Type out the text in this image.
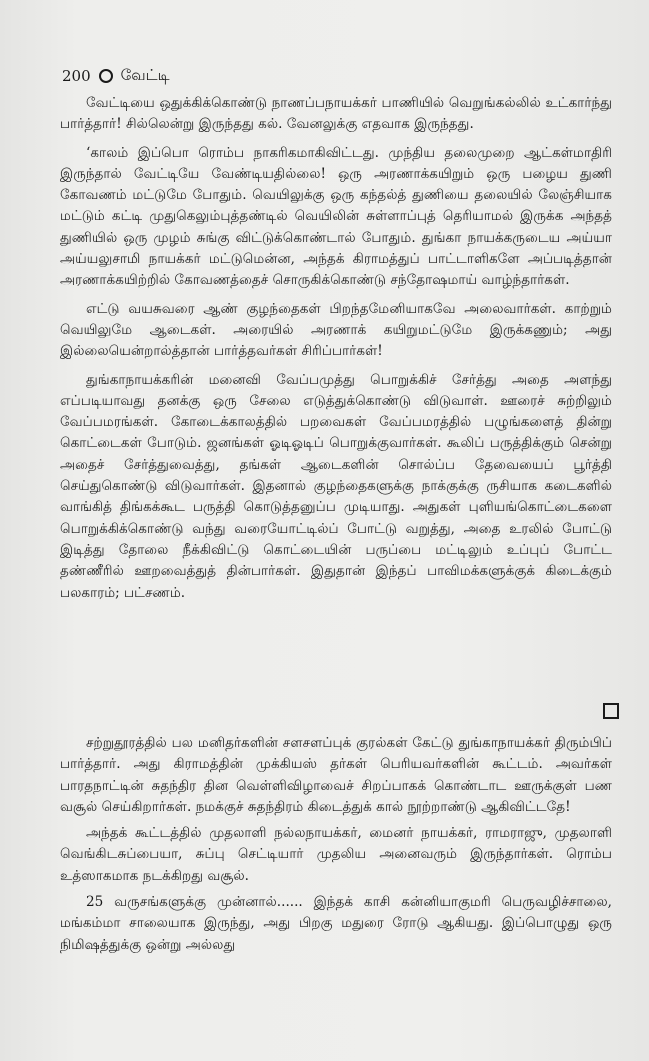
200 வேட்டி

வேட்டியை ஒதுக்கிக்கொண்டு நாணப்பநாயக்கர் பாணியில் வெறுங்கல்லில் உட்கார்ந்து பார்த்தார்! சில்லென்று இருந்தது கல். வேனலுக்கு எதவாக இருந்தது.

‘காலம் இப்பொ ரொம்ப நாகரிகமாகிவிட்டது. முந்திய தலைமுறை ஆட்கள்மாதிரி இருந்தால் வேட்டியே வேண்டியதில்லை! ஒரு அரணாக்கயிறும் ஒரு பழைய துணி கோவணம் மட்டுமே போதும். வெயிலுக்கு ஒரு கந்தல்த் துணியை தலையில் லேஞ்சியாக மட்டும் கட்டி முதுகெலும்புத்தண்டில் வெயிலின் சுள்ளாப்புத் தெரியாமல் இருக்க அந்தத் துணியில் ஒரு முழம் சுங்கு விட்டுக்கொண்டால் போதும். துங்கா நாயக்கருடைய அய்யா அய்யலுசாமி நாயக்கர் மட்டுமென்ன, அந்தக் கிராமத்துப் பாட்டாளிகளே அப்படித்தான் அரணாக்கயிற்றில் கோவணத்தைச் சொருகிக்கொண்டு சந்தோஷமாய் வாழ்ந்தார்கள்.

எட்டு வயசுவரை ஆண் குழந்தைகள் பிறந்தமேனியாகவே அலைவார்கள். காற்றும் வெயிலுமே ஆடைகள். அரையில் அரணாக் கயிறுமட்டுமே இருக்கணும்; அது இல்லையென்றால்த்தான் பார்த்தவர்கள் சிரிப்பார்கள்!

துங்காநாயக்கரின் மனைவி வேப்பமுத்து பொறுக்கிச் சேர்த்து அதை அளந்து எப்படியாவது தனக்கு ஒரு சேலை எடுத்துக்கொண்டு விடுவாள். ஊரைச் சுற்றிலும் வேப்பமரங்கள். கோடைக்காலத்தில் பறவைகள் வேப்பமரத்தில் பழுங்களைத் தின்று கொட்டைகள் போடும். ஜனங்கள் ஓடிஓடிப் பொறுக்குவார்கள். கூலிப் பருத்திக்கும் சென்று அதைச் சேர்த்துவைத்து, தங்கள் ஆடைகளின் சொல்ப்ப தேவையைப் பூர்த்தி செய்துகொண்டு விடுவார்கள். இதனால் குழந்தைகளுக்கு நாக்குக்கு ருசியாக கடைகளில் வாங்கித் திங்கக்கூட பருத்தி கொடுத்தனுப்ப முடியாது. அதுகள் புளியங்கொட்டைகளை பொறுக்கிக்கொண்டு வந்து வரையோட்டில்ப் போட்டு வறுத்து, அதை உரலில் போட்டு இடித்து தோலை நீக்கிவிட்டு கொட்டையின் பருப்பை மட்டிலும் உப்புப் போட்ட தண்ணீரில் ஊறவைத்துத் தின்பார்கள். இதுதான் இந்தப் பாவிமக்களுக்குக் கிடைக்கும் பலகாரம்; பட்சணம்.

சற்றுதூரத்தில் பல மனிதர்களின் சளசளப்புக் குரல்கள் கேட்டு துங்காநாயக்கர் திரும்பிப் பார்த்தார். அது கிராமத்தின் முக்கியஸ் தர்கள் பெரியவர்களின் கூட்டம். அவர்கள் பாரதநாட்டின் சுதந்திர தின வெள்ளிவிழாவைச் சிறப்பாகக் கொண்டாட ஊருக்குள் பண வசூல் செய்கிறார்கள். நமக்குச் சுதந்திரம் கிடைத்துக் கால் நூற்றாண்டு ஆகிவிட்டதே!

அந்தக் கூட்டத்தில் முதலாளி நல்லநாயக்கர், மைனர் நாயக்கர், ராமராஜு, முதலாளி வெங்கிடசுப்பையா, சுப்பு செட்டியார் முதலிய அனைவரும் இருந்தார்கள். ரொம்ப உத்ஸாகமாக நடக்கிறது வசூல்.

25 வருசங்களுக்கு முன்னால்...... இந்தக் காசி கன்னியாகுமரி பெருவழிச்சாலை, மங்கம்மா சாலையாக இருந்து, அது பிறகு மதுரை ரோடு ஆகியது. இப்பொழுது ஒரு நிமிஷத்துக்கு ஒன்று அல்லது
